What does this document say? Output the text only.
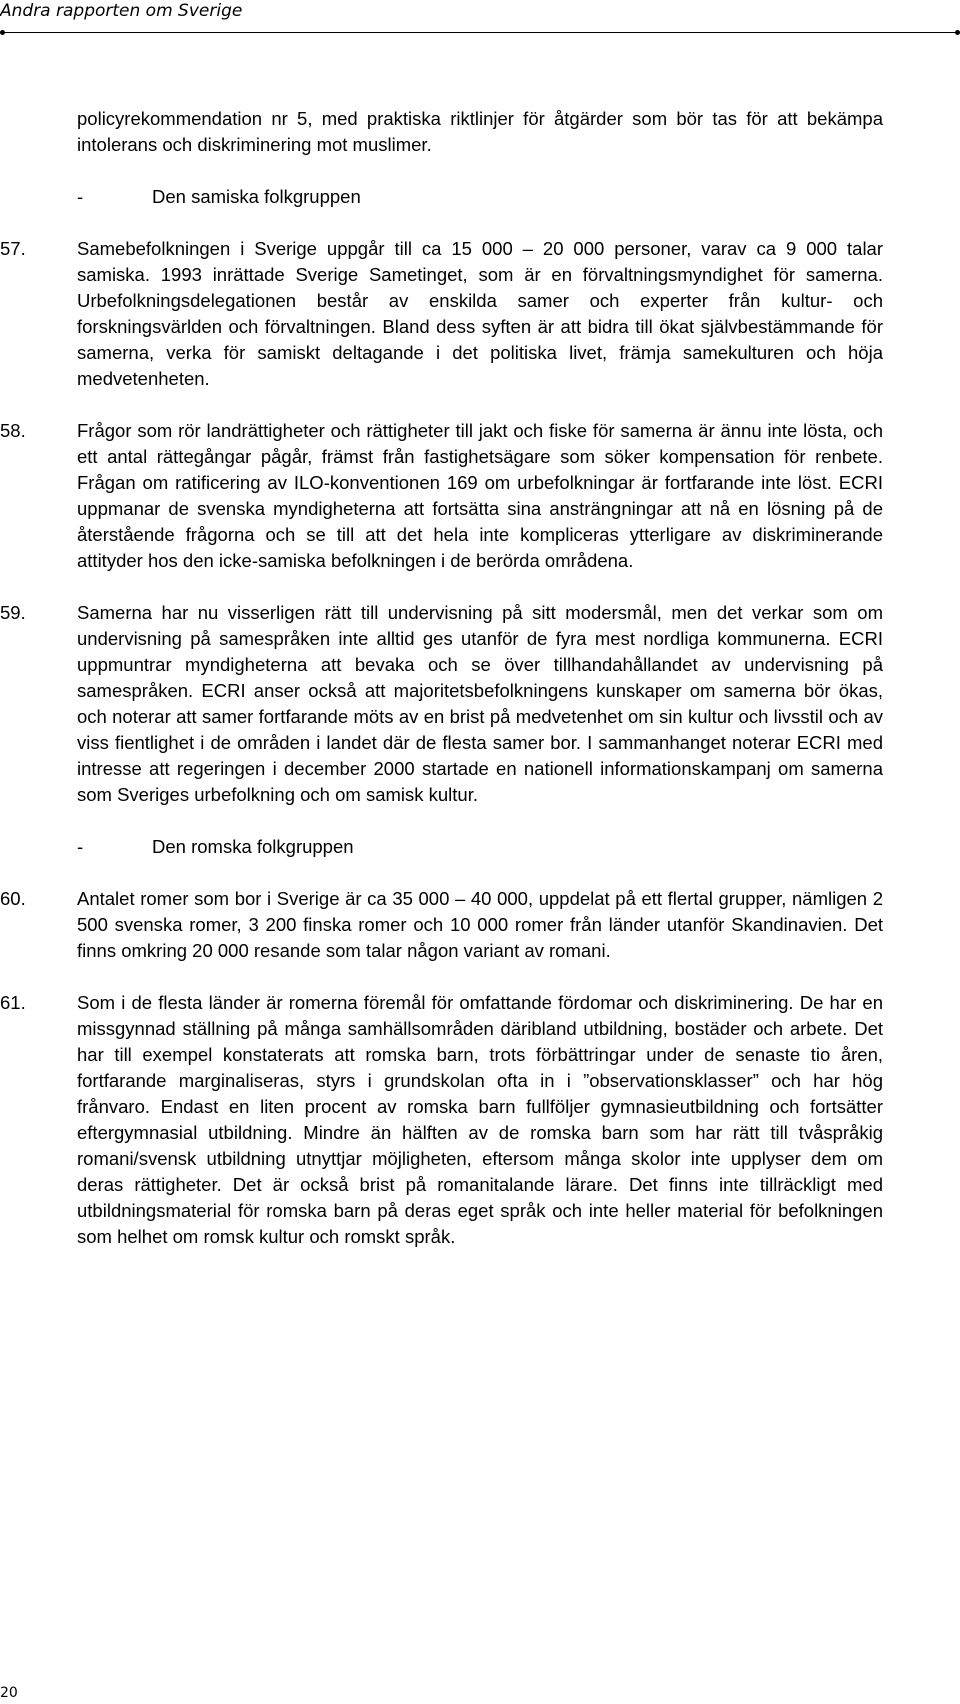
Andra rapporten om Sverige
policyrekommendation nr 5, med praktiska riktlinjer för åtgärder som bör tas för att bekämpa intolerans och diskriminering mot muslimer.
-	Den samiska folkgruppen
57.	Samebefolkningen i Sverige uppgår till ca 15 000 – 20 000 personer, varav ca 9 000 talar samiska. 1993 inrättade Sverige Sametinget, som är en förvaltningsmyndighet för samerna. Urbefolkningsdelegationen består av enskilda samer och experter från kultur- och forskningsvärlden och förvaltningen. Bland dess syften är att bidra till ökat självbestämmande för samerna, verka för samiskt deltagande i det politiska livet, främja samekulturen och höja medvetenheten.
58.	Frågor som rör landrättigheter och rättigheter till jakt och fiske för samerna är ännu inte lösta, och ett antal rättegångar pågår, främst från fastighetsägare som söker kompensation för renbete. Frågan om ratificering av ILO-konventionen 169 om urbefolkningar är fortfarande inte löst. ECRI uppmanar de svenska myndigheterna att fortsätta sina ansträngningar att nå en lösning på de återstående frågorna och se till att det hela inte kompliceras ytterligare av diskriminerande attityder hos den icke-samiska befolkningen i de berörda områdena.
59.	Samerna har nu visserligen rätt till undervisning på sitt modersmål, men det verkar som om undervisning på samespråken inte alltid ges utanför de fyra mest nordliga kommunerna. ECRI uppmuntrar myndigheterna att bevaka och se över tillhandahållandet av undervisning på samespråken. ECRI anser också att majoritetsbefolkningens kunskaper om samerna bör ökas, och noterar att samer fortfarande möts av en brist på medvetenhet om sin kultur och livsstil och av viss fientlighet i de områden i landet där de flesta samer bor. I sammanhanget noterar ECRI med intresse att regeringen i december 2000 startade en nationell informationskampanj om samerna som Sveriges urbefolkning och om samisk kultur.
-	Den romska folkgruppen
60.	Antalet romer som bor i Sverige är ca 35 000 – 40 000, uppdelat på ett flertal grupper, nämligen 2 500 svenska romer, 3 200 finska romer och 10 000 romer från länder utanför Skandinavien. Det finns omkring 20 000 resande som talar någon variant av romani.
61.	Som i de flesta länder är romerna föremål för omfattande fördomar och diskriminering. De har en missgynnad ställning på många samhällsområden däribland utbildning, bostäder och arbete. Det har till exempel konstaterats att romska barn, trots förbättringar under de senaste tio åren, fortfarande marginaliseras, styrs i grundskolan ofta in i ”observationsklasser” och har hög frånvaro. Endast en liten procent av romska barn fullföljer gymnasieutbildning och fortsätter eftergymnasial utbildning. Mindre än hälften av de romska barn som har rätt till tvåspråkig romani/svensk utbildning utnyttjar möjligheten, eftersom många skolor inte upplyser dem om deras rättigheter. Det är också brist på romanitalande lärare. Det finns inte tillräckligt med utbildningsmaterial för romska barn på deras eget språk och inte heller material för befolkningen som helhet om romsk kultur och romskt språk.
20
